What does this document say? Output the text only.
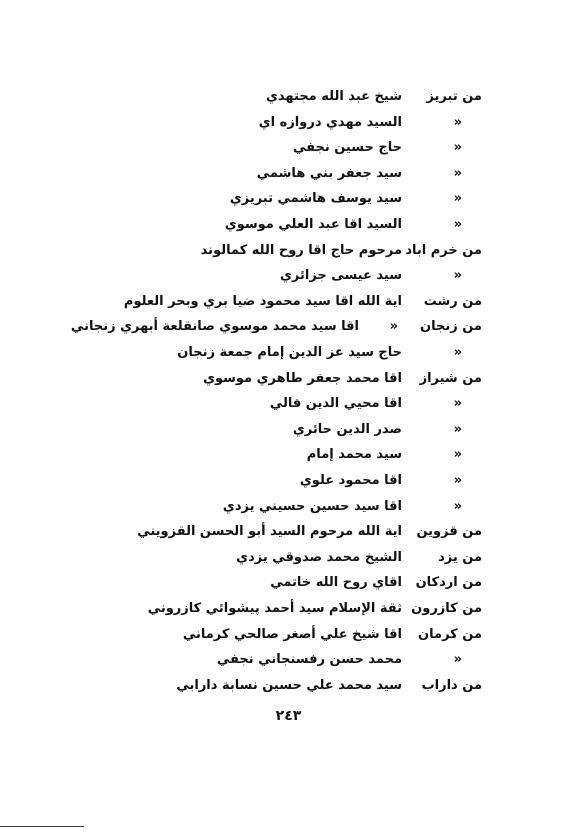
من تبريز
شيخ عبد الله مجتهدي
«
السيد مهدي دروازه اي
«
حاج حسين نجفي
«
سيد جعفر بني هاشمي
«
سيد يوسف هاشمي تبريزي
«
السيد اقا عبد العلي موسوي
من خرم اباد
مرحوم حاج اقا روح الله كمالوند
«
سيد عيسى جزائري
من رشت
اية الله اقا سيد محمود ضيا بري وبحر العلوم
من زنجان
«
اقا سيد محمد موسوي صانقلعة أبهري زنجاني
«
حاج سيد عز الدين إمام جمعة زنجان
من شيراز
اقا محمد جعفر طاهري موسوي
«
اقا محيي الدين فالي
«
صدر الدين حائري
«
سيد محمد إمام
«
اقا محمود علوي
«
اقا سيد حسين حسيني يزدي
من قزوين
اية الله مرحوم السيد أبو الحسن القزويني
من يزد
الشيخ محمد صدوقي يزدي
من اردكان
اقاي روح الله خاتمي
من كازرون
ثقة الإسلام سيد أحمد پيشوائي كازروني
من كرمان
اقا شيخ علي أصغر صالحي كرماني
«
محمد حسن رفسنجاني نجفي
من داراب
سيد محمد علي حسين نسابة دارابي
٢٤٣
